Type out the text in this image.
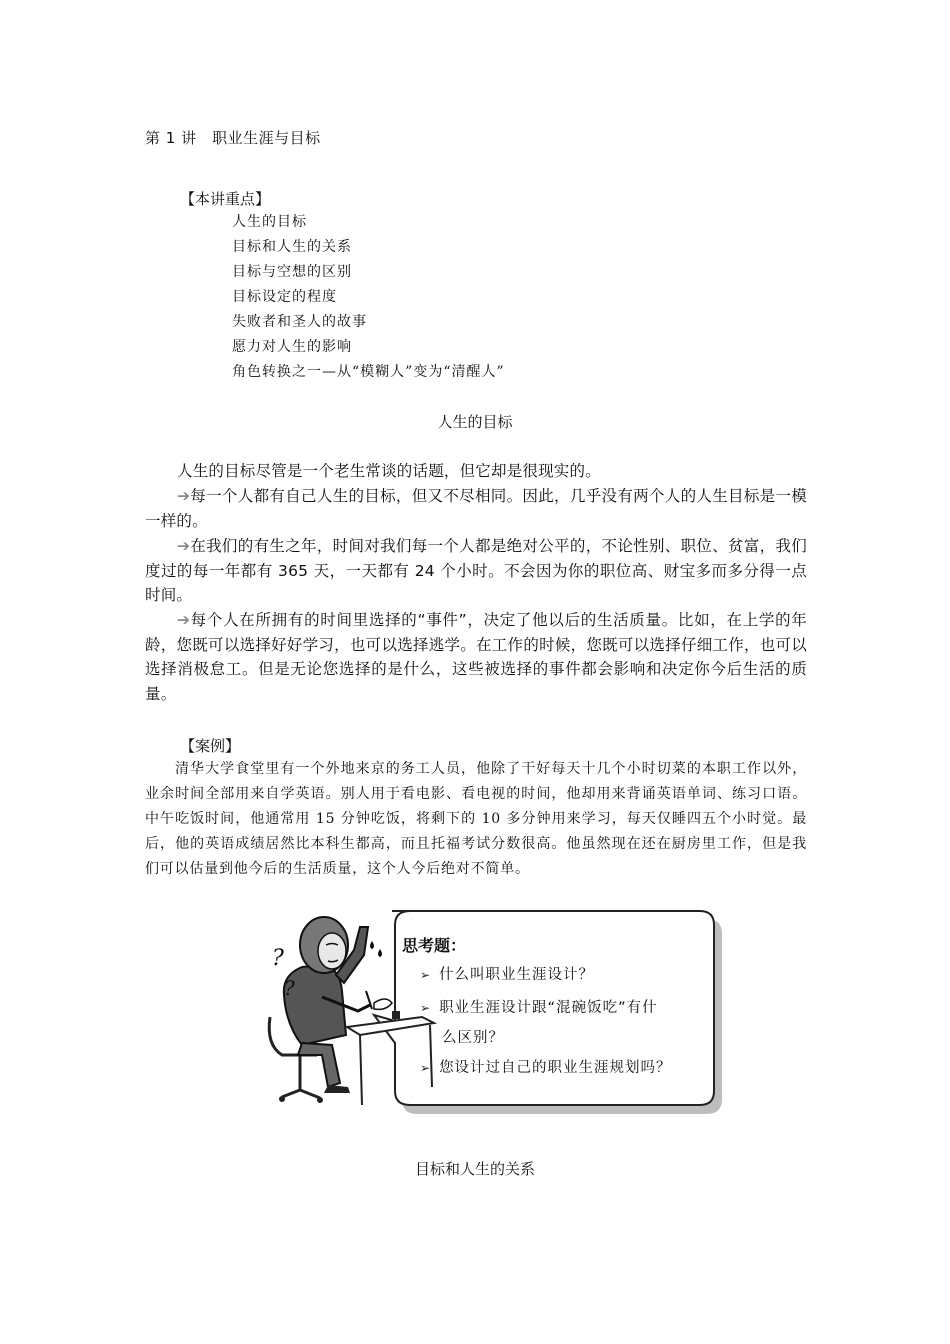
第 1 讲　职业生涯与目标
【本讲重点】
人生的目标
目标和人生的关系
目标与空想的区别
目标设定的程度
失败者和圣人的故事
愿力对人生的影响
角色转换之一—从“模糊人”变为“清醒人”
人生的目标

人生的目标尽管是一个老生常谈的话题，但它却是很现实的。

➔每一个人都有自己人生的目标，但又不尽相同。因此，几乎没有两个人的人生目标是一模一样的。

➔在我们的有生之年，时间对我们每一个人都是绝对公平的，不论性别、职位、贫富，我们度过的每一年都有 365 天，一天都有 24 个小时。不会因为你的职位高、财宝多而多分得一点时间。

➔每个人在所拥有的时间里选择的“事件”，决定了他以后的生活质量。比如，在上学的年龄，您既可以选择好好学习，也可以选择逃学。在工作的时候，您既可以选择仔细工作，也可以选择消极怠工。但是无论您选择的是什么，这些被选择的事件都会影响和决定你今后生活的质量。

【案例】

清华大学食堂里有一个外地来京的务工人员，他除了干好每天十几个小时切菜的本职工作以外，业余时间全部用来自学英语。别人用于看电影、看电视的时间，他却用来背诵英语单词、练习口语。中午吃饭时间，他通常用 15 分钟吃饭，将剩下的 10 多分钟用来学习，每天仅睡四五个小时觉。最后，他的英语成绩居然比本科生都高，而且托福考试分数很高。他虽然现在还在厨房里工作，但是我们可以估量到他今后的生活质量，这个人今后绝对不简单。

?
?
思考题：
➢ 什么叫职业生涯设计？
➢ 职业生涯设计跟“混碗饭吃”有什
么区别？
➢ 您设计过自己的职业生涯规划吗？
目标和人生的关系
